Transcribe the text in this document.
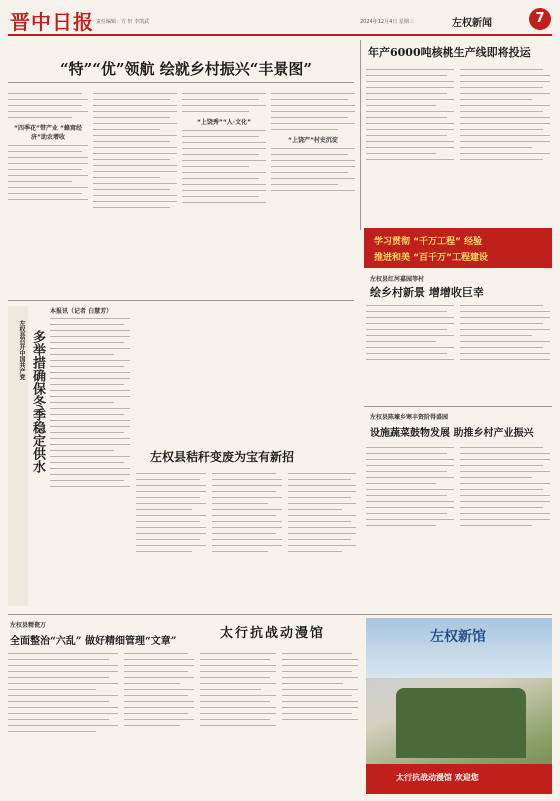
晋中日报 责任编辑：方 轩 李凯武	2024年12月4日 星期三	左权新闻	7
“特”“优”领航 绘就乡村振兴“丰景图”
“四季花”带产业 “蜂窝经济”助农增收
“上饶秀”“人·文化”
“上饶产”村史沉淀
年产6000吨核桃生产线即将投运
学习贯彻 “千万工程” 经验
推进和美 “百千万”工程建设
左权县红河嘉园等村
绘乡村新景 增增收巨幸
左权县陈壕乡寒丰资阶得盛园
设施蔬菜鼓物发展 助推乡村产业振兴
左权县召开中国共产党 多举措确保冬季稳定供水
本报讯（记者 白慧芳）
左权县秸秆变废为宝有新招
左权县精瓷万
全面整治“六乱” 做好精细管理“文章”
太行抗战动漫馆	左权新馆
太行抗战动漫馆 欢迎您
